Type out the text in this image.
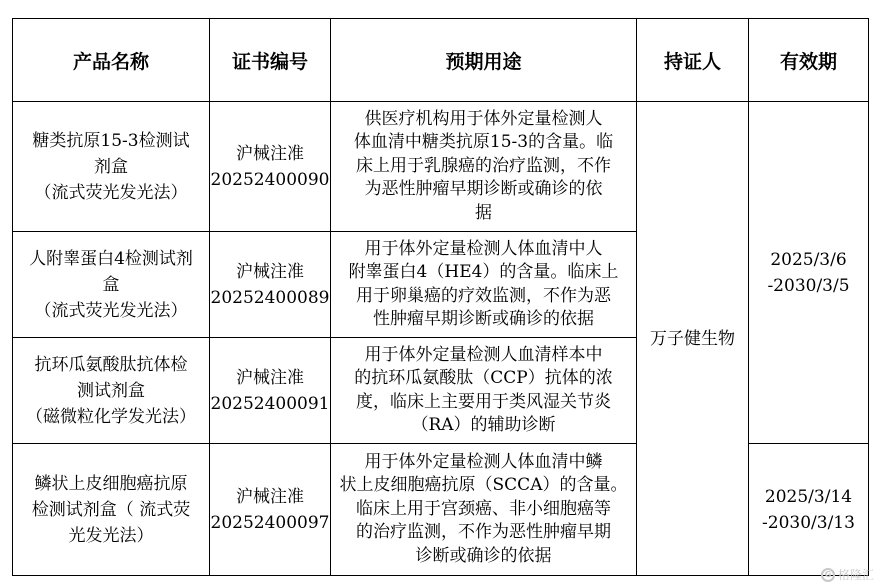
产品名称	证书编号	预期用途	持证人	有效期

糖类抗原15-3检测试
剂盒
（流式荧光发光法）	沪械注准
20252400090	供医疗机构用于体外定量检测人
体血清中糖类抗原15-3的含量。临
床上用于乳腺癌的治疗监测，不作
为恶性肿瘤早期诊断或确诊的依
据	万子健生物	2025/3/6
-2030/3/5

人附睾蛋白4检测试剂
盒
（流式荧光发光法）	沪械注准
20252400089	用于体外定量检测人体血清中人
附睾蛋白4（HE4）的含量。临床上
用于卵巢癌的疗效监测，不作为恶
性肿瘤早期诊断或确诊的依据		

抗环瓜氨酸肽抗体检
测试剂盒
（磁微粒化学发光法）	沪械注准
20252400091	用于体外定量检测人血清样本中
的抗环瓜氨酸肽（CCP）抗体的浓
度，临床上主要用于类风湿关节炎
（RA）的辅助诊断		

鳞状上皮细胞癌抗原
检测试剂盒（ 流式荧
光发光法）	沪械注准
20252400097	用于体外定量检测人体血清中鳞
状上皮细胞癌抗原（SCCA）的含量。
临床上用于宫颈癌、非小细胞癌等
的治疗监测，不作为恶性肿瘤早期
诊断或确诊的依据		2025/3/14
-2030/3/13
G 格隆汇
